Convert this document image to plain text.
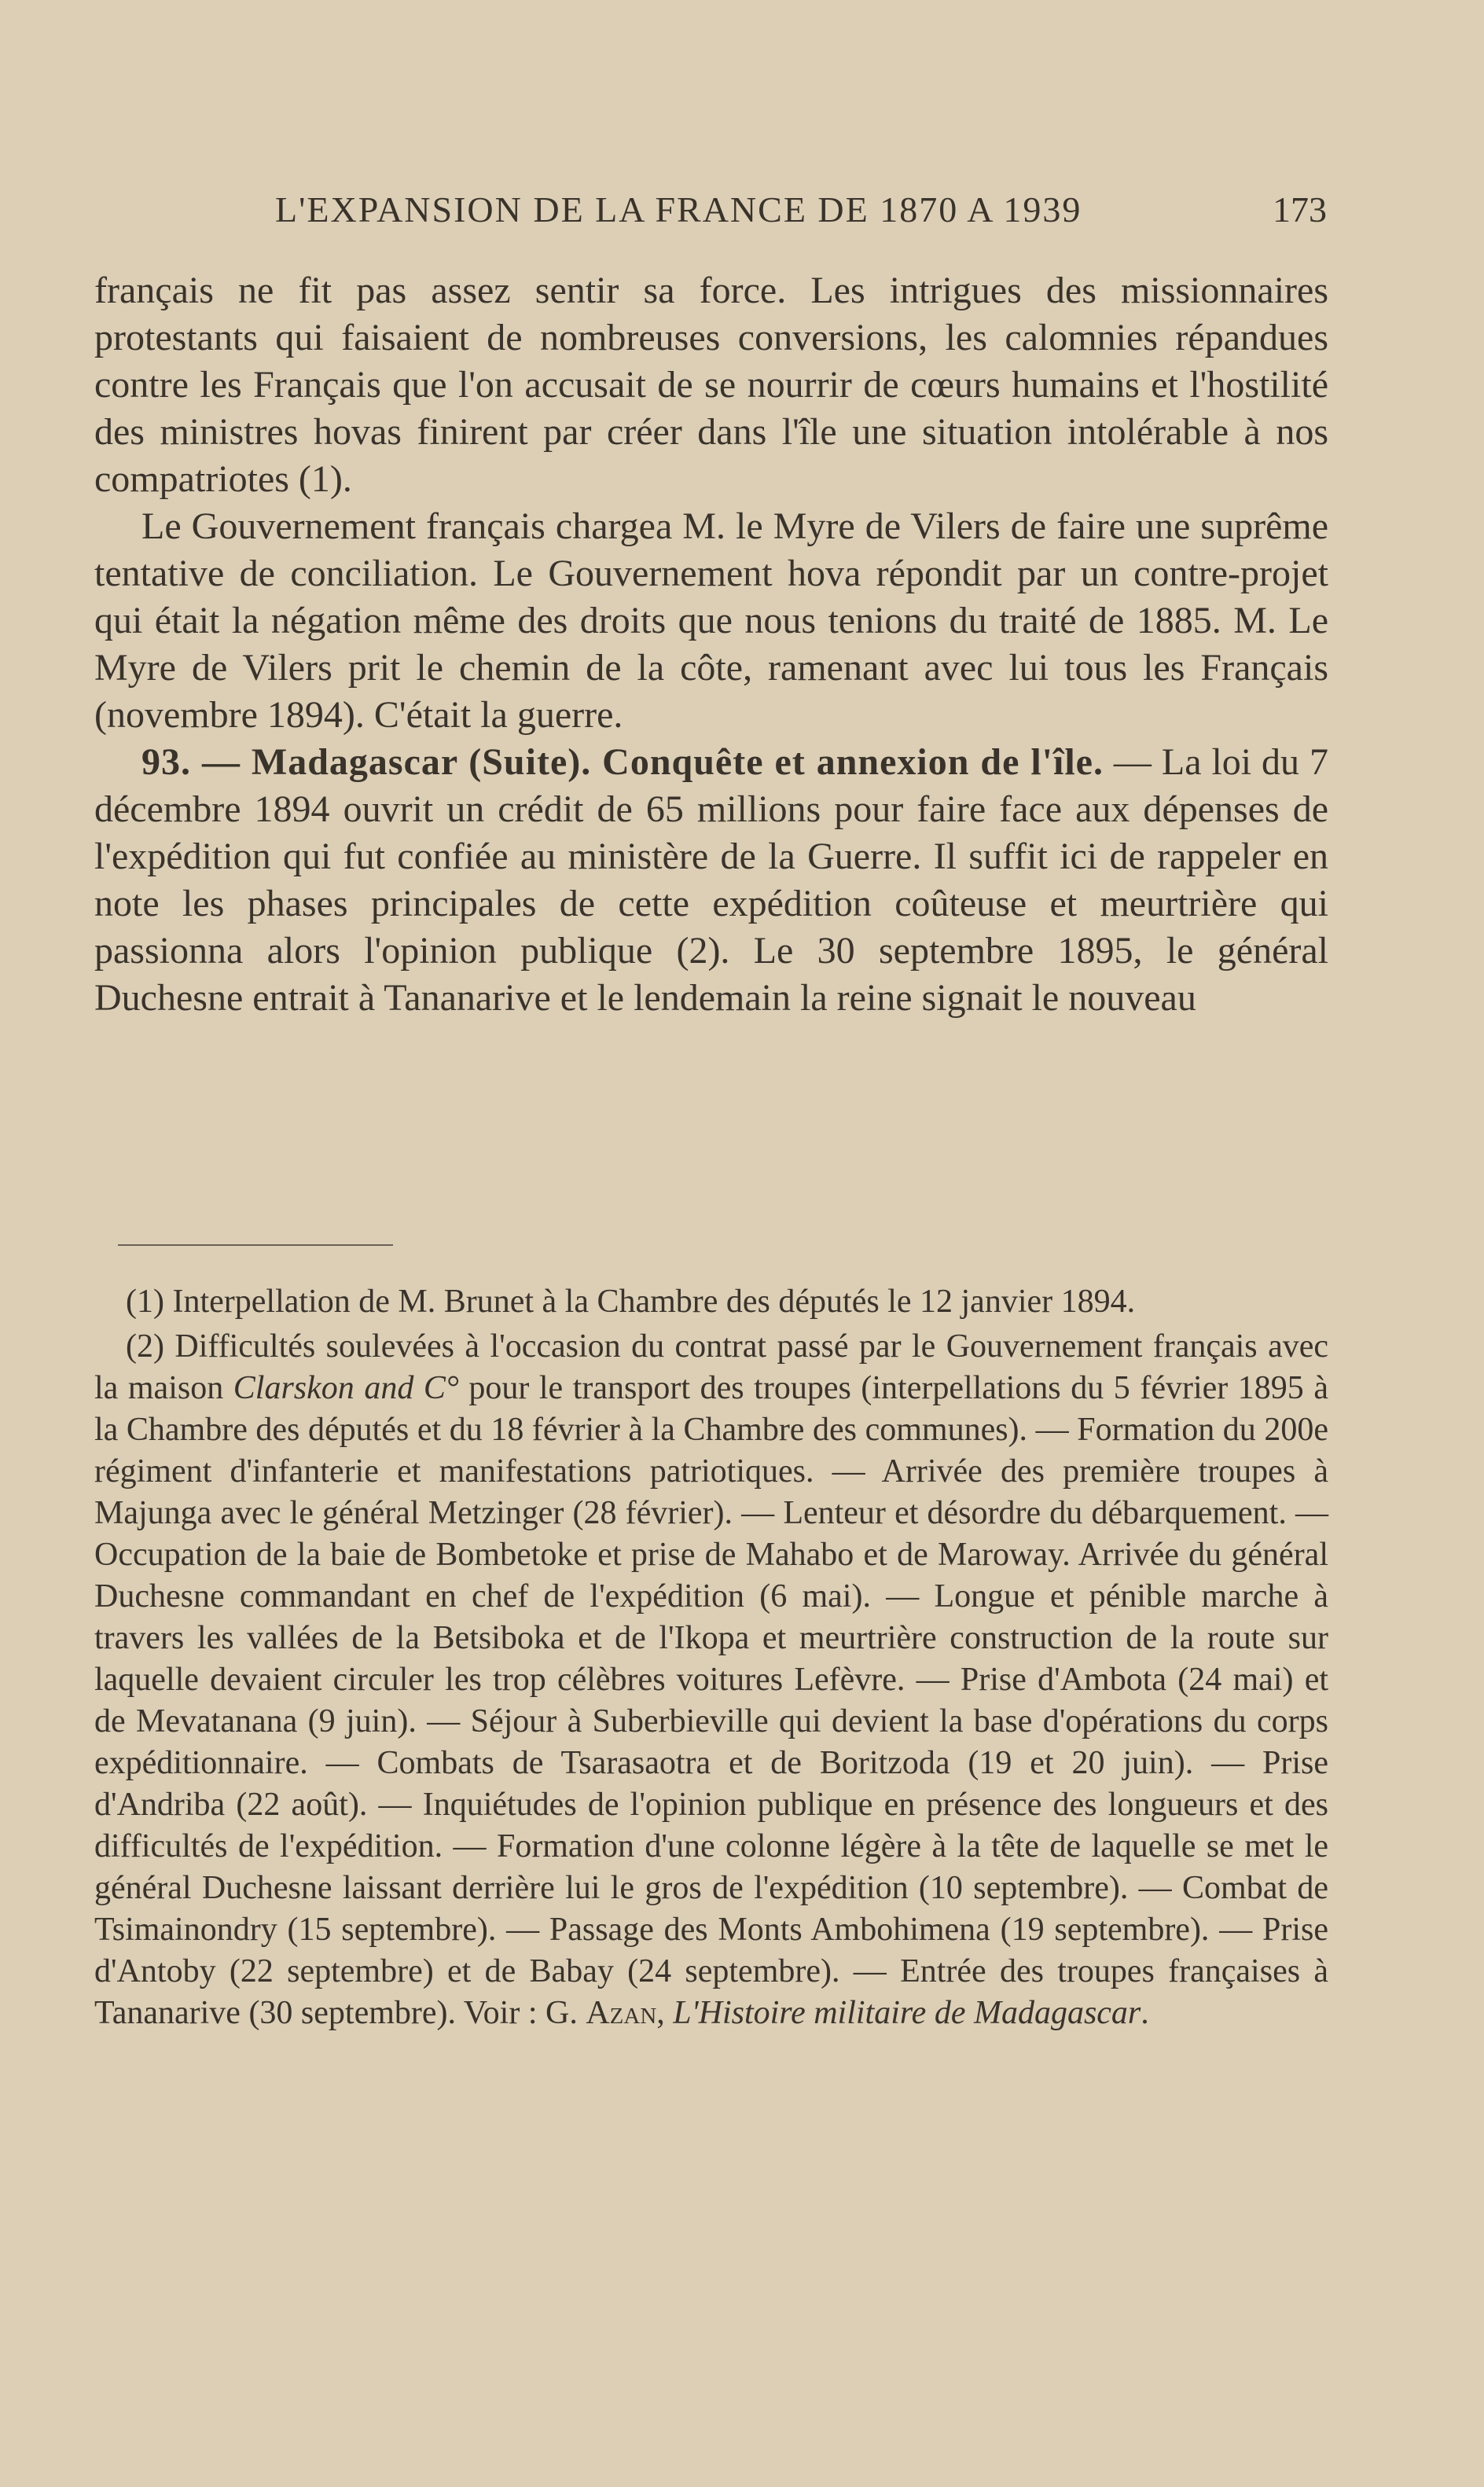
L'EXPANSION DE LA FRANCE DE 1870 A 1939	173

français ne fit pas assez sentir sa force. Les intrigues des missionnaires protestants qui faisaient de nombreuses conversions, les calomnies répandues contre les Français que l'on accusait de se nourrir de cœurs humains et l'hostilité des ministres hovas finirent par créer dans l'île une situation intolérable à nos compatriotes (1).

Le Gouvernement français chargea M. le Myre de Vilers de faire une suprême tentative de conciliation. Le Gouvernement hova répondit par un contre-projet qui était la négation même des droits que nous tenions du traité de 1885. M. Le Myre de Vilers prit le chemin de la côte, ramenant avec lui tous les Français (novembre 1894). C'était la guerre.

93. — Madagascar (Suite). Conquête et annexion de l'île. — La loi du 7 décembre 1894 ouvrit un crédit de 65 millions pour faire face aux dépenses de l'expédition qui fut confiée au ministère de la Guerre. Il suffit ici de rappeler en note les phases principales de cette expédition coûteuse et meurtrière qui passionna alors l'opinion publique (2). Le 30 septembre 1895, le général Duchesne entrait à Tananarive et le lendemain la reine signait le nouveau

(1) Interpellation de M. Brunet à la Chambre des députés le 12 janvier 1894.

(2) Difficultés soulevées à l'occasion du contrat passé par le Gouvernement français avec la maison Clarskon and C° pour le transport des troupes (interpellations du 5 février 1895 à la Chambre des députés et du 18 février à la Chambre des communes). — Formation du 200e régiment d'infanterie et manifestations patriotiques. — Arrivée des première troupes à Majunga avec le général Metzinger (28 février). — Lenteur et désordre du débarquement. — Occupation de la baie de Bombetoke et prise de Mahabo et de Maroway. Arrivée du général Duchesne commandant en chef de l'expédition (6 mai). — Longue et pénible marche à travers les vallées de la Betsiboka et de l'Ikopa et meurtrière construction de la route sur laquelle devaient circuler les trop célèbres voitures Lefèvre. — Prise d'Ambota (24 mai) et de Mevatanana (9 juin). — Séjour à Suberbieville qui devient la base d'opérations du corps expéditionnaire. — Combats de Tsarasaotra et de Boritzoda (19 et 20 juin). — Prise d'Andriba (22 août). — Inquiétudes de l'opinion publique en présence des longueurs et des difficultés de l'expédition. — Formation d'une colonne légère à la tête de laquelle se met le général Duchesne laissant derrière lui le gros de l'expédition (10 septembre). — Combat de Tsimainondry (15 septembre). — Passage des Monts Ambohimena (19 septembre). — Prise d'Antoby (22 septembre) et de Babay (24 septembre). — Entrée des troupes françaises à Tananarive (30 septembre). Voir : G. Azan, L'Histoire militaire de Madagascar.
